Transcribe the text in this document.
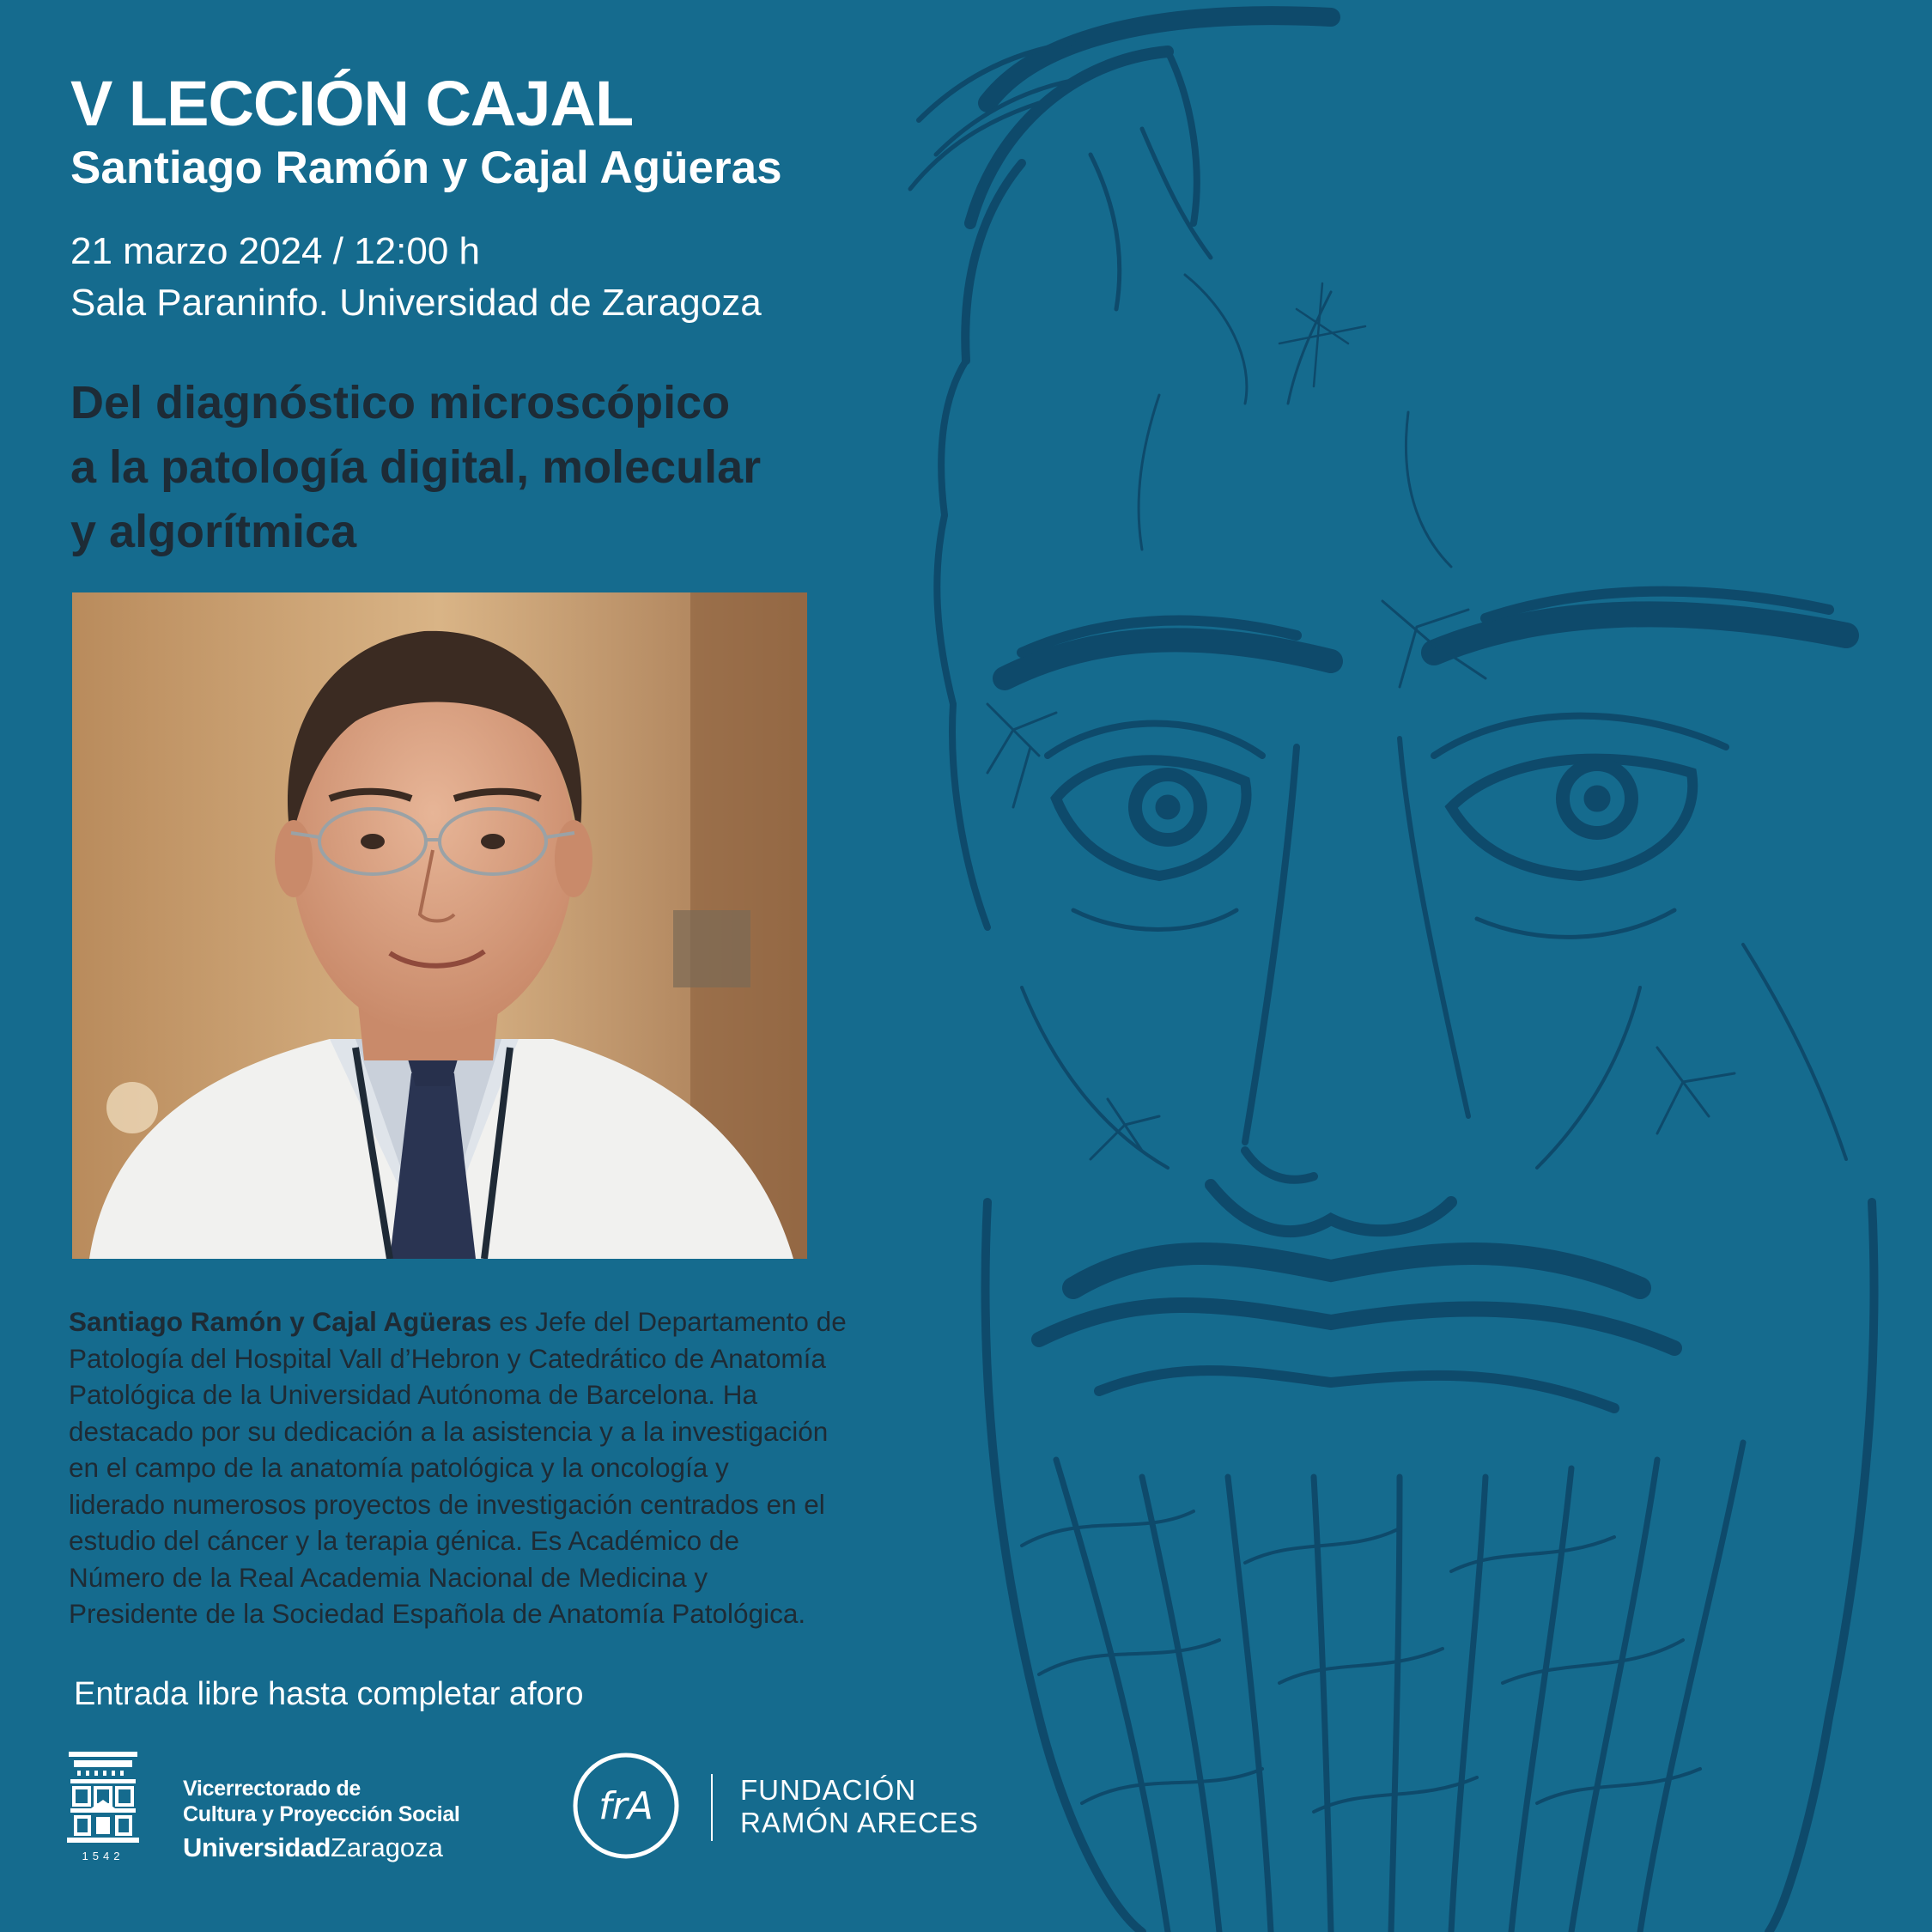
V LECCIÓN CAJAL
Santiago Ramón y Cajal Agüeras

21 marzo 2024 / 12:00 h

Sala Paraninfo. Universidad de Zaragoza

Del diagnóstico microscópico
a la patología digital, molecular
y algorítmica

Santiago Ramón y Cajal Agüeras es Jefe del Departamento de
Patología del Hospital Vall d’Hebron y Catedrático de Anatomía
Patológica de la Universidad Autónoma de Barcelona. Ha
destacado por su dedicación a la asistencia y a la investigación
en el campo de la anatomía patológica y la oncología y
liderado numerosos proyectos de investigación centrados en el
estudio del cáncer y la terapia génica. Es Académico de
Número de la Real Academia Nacional de Medicina y
Presidente de la Sociedad Española de Anatomía Patológica.

Entrada libre hasta completar aforo

1542
Vicerrectorado de
Cultura y Proyección Social
UniversidadZaragoza
frA	FUNDACIÓN
RAMÓN ARECES
